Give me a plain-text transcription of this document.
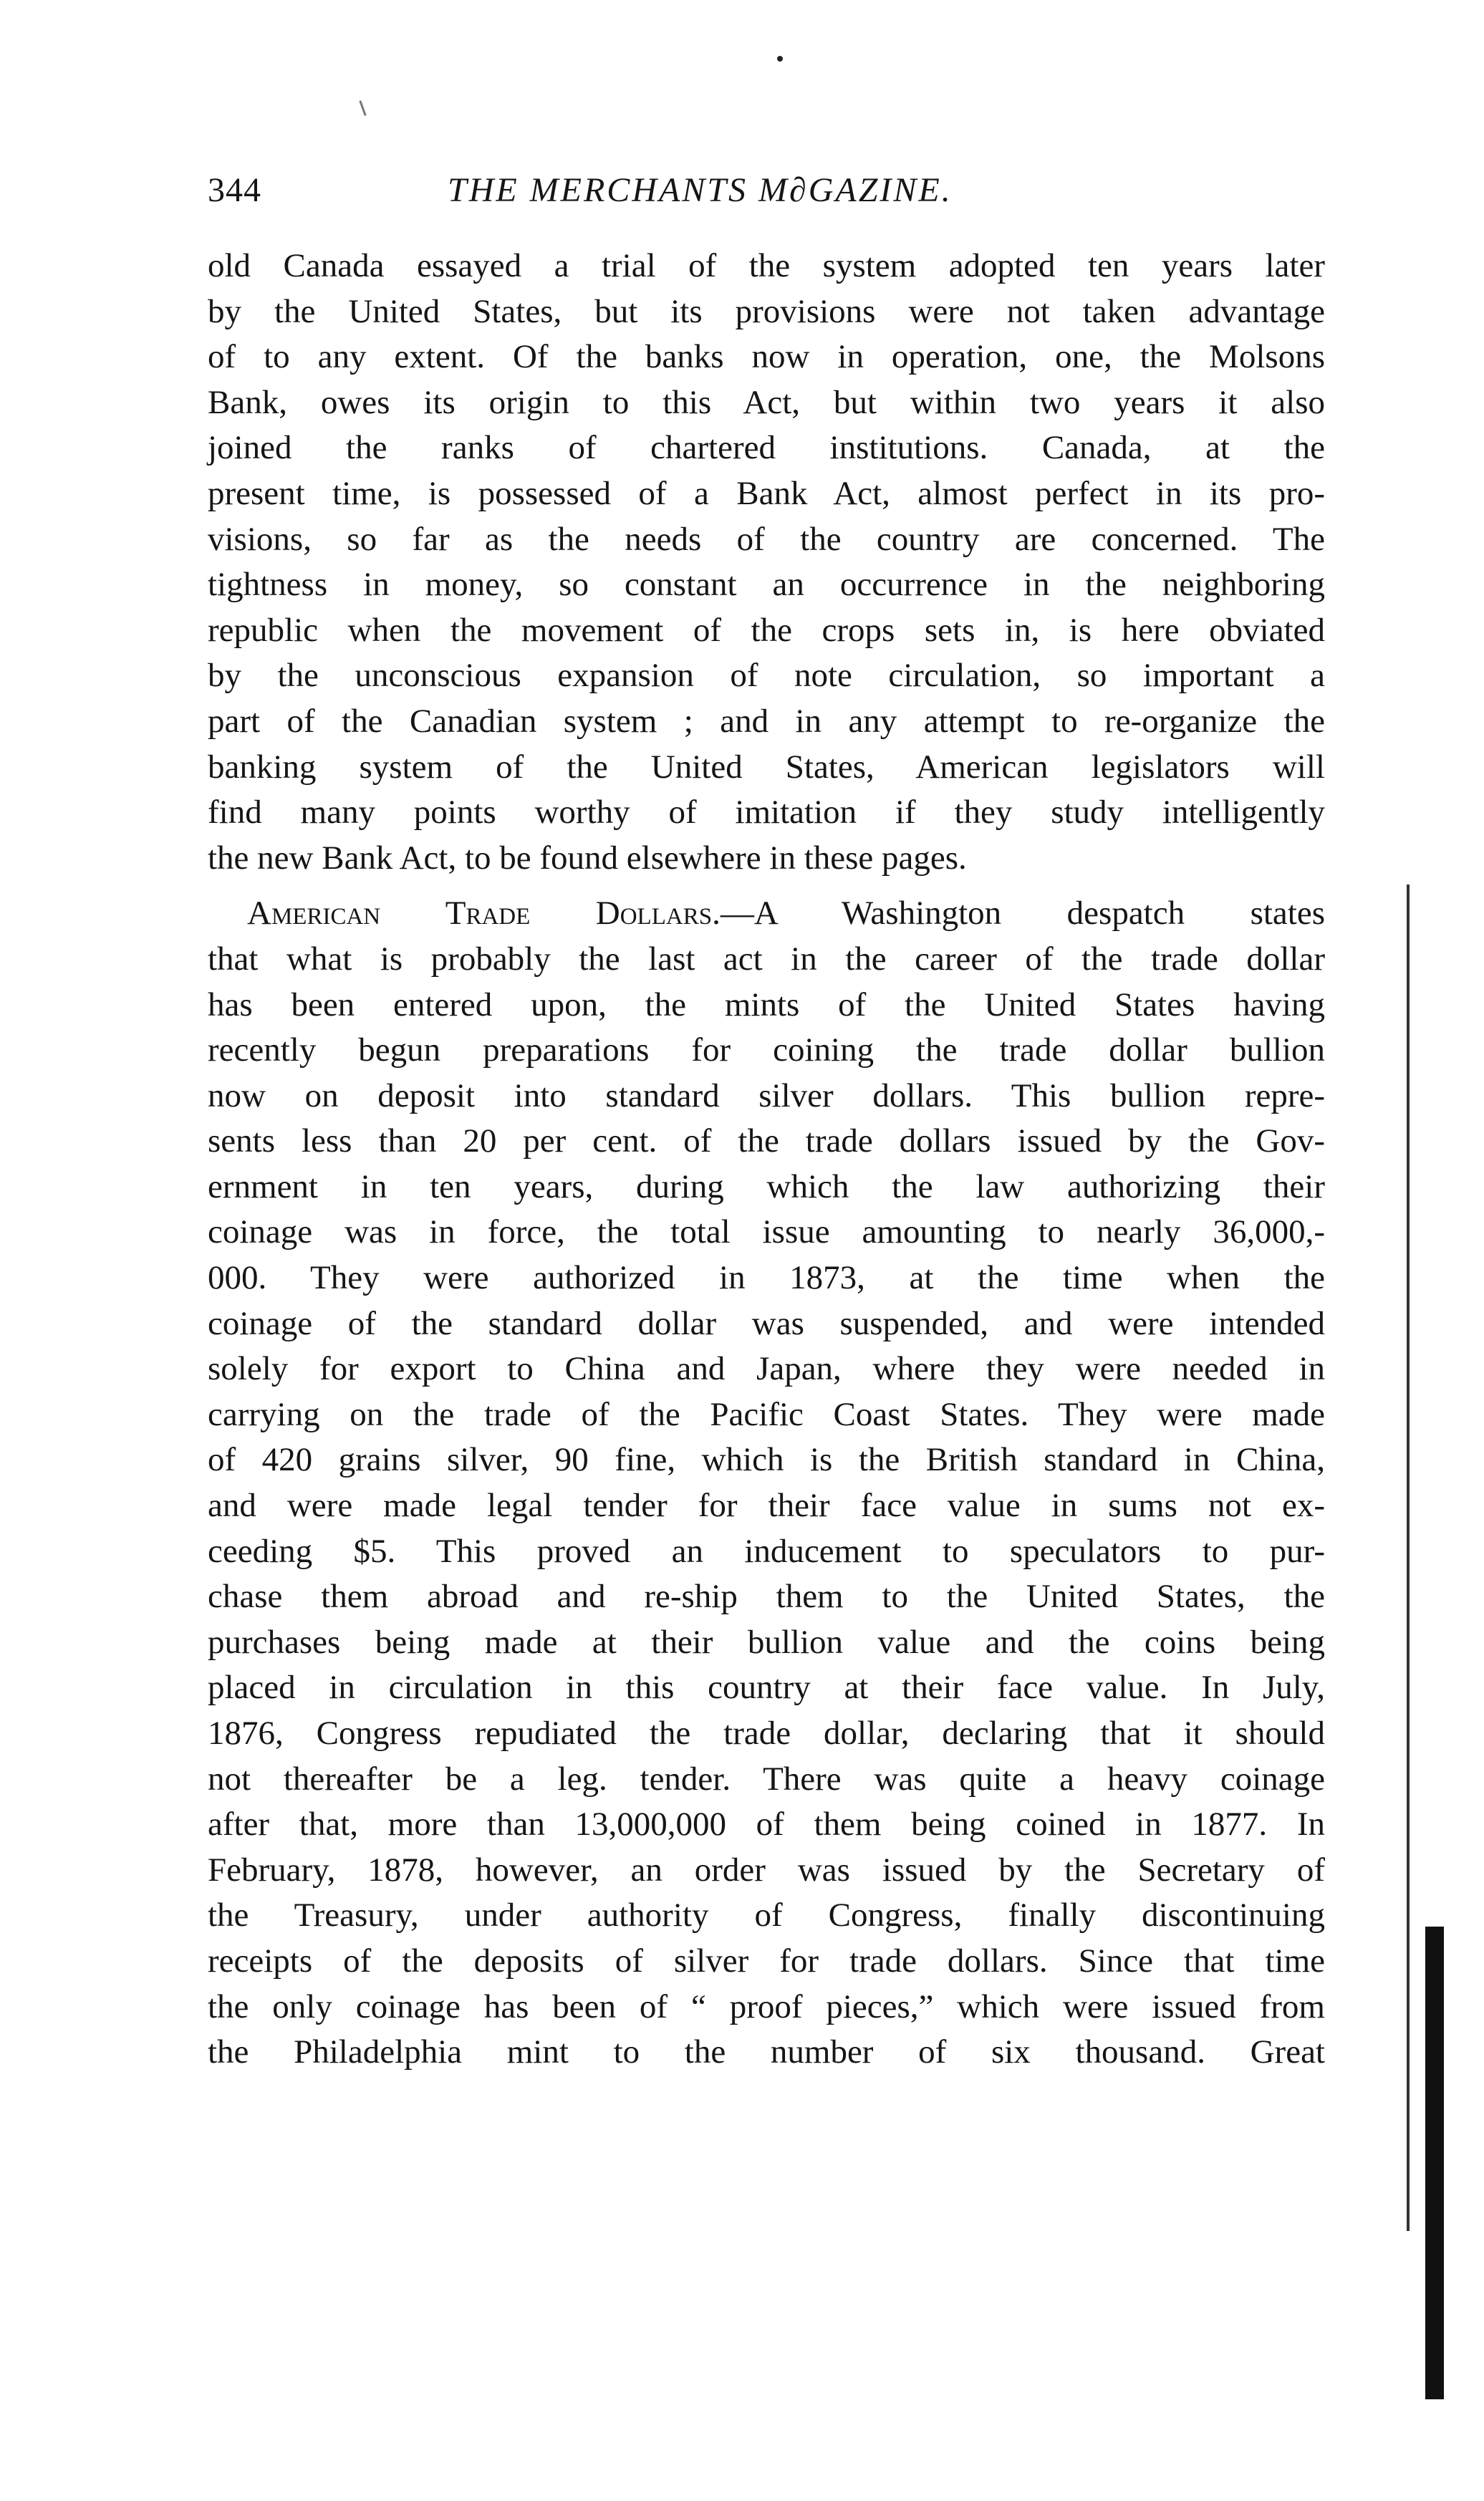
344	THE MERCHANTS M∂GAZINE.
old Canada essayed a trial of the system adopted ten years later
by the United States, but its provisions were not taken advantage
of to any extent. Of the banks now in operation, one, the Molsons
Bank, owes its origin to this Act, but within two years it also
joined the ranks of chartered institutions. Canada, at the
present time, is possessed of a Bank Act, almost perfect in its pro-
visions, so far as the needs of the country are concerned. The
tightness in money, so constant an occurrence in the neighboring
republic when the movement of the crops sets in, is here obviated
by the unconscious expansion of note circulation, so important a
part of the Canadian system ; and in any attempt to re-organize the
banking system of the United States, American legislators will
find many points worthy of imitation if they study intelligently
the new Bank Act, to be found elsewhere in these pages.
American Trade Dollars.—A Washington despatch states
that what is probably the last act in the career of the trade dollar
has been entered upon, the mints of the United States having
recently begun preparations for coining the trade dollar bullion
now on deposit into standard silver dollars. This bullion repre-
sents less than 20 per cent. of the trade dollars issued by the Gov-
ernment in ten years, during which the law authorizing their
coinage was in force, the total issue amounting to nearly 36,000,-
000. They were authorized in 1873, at the time when the
coinage of the standard dollar was suspended, and were intended
solely for export to China and Japan, where they were needed in
carrying on the trade of the Pacific Coast States. They were made
of 420 grains silver, 90 fine, which is the British standard in China,
and were made legal tender for their face value in sums not ex-
ceeding $5. This proved an inducement to speculators to pur-
chase them abroad and re-ship them to the United States, the
purchases being made at their bullion value and the coins being
placed in circulation in this country at their face value. In July,
1876, Congress repudiated the trade dollar, declaring that it should
not thereafter be a leg. tender. There was quite a heavy coinage
after that, more than 13,000,000 of them being coined in 1877. In
February, 1878, however, an order was issued by the Secretary of
the Treasury, under authority of Congress, finally discontinuing
receipts of the deposits of silver for trade dollars. Since that time
the only coinage has been of “ proof pieces,” which were issued from
the Philadelphia mint to the number of six thousand. Great
